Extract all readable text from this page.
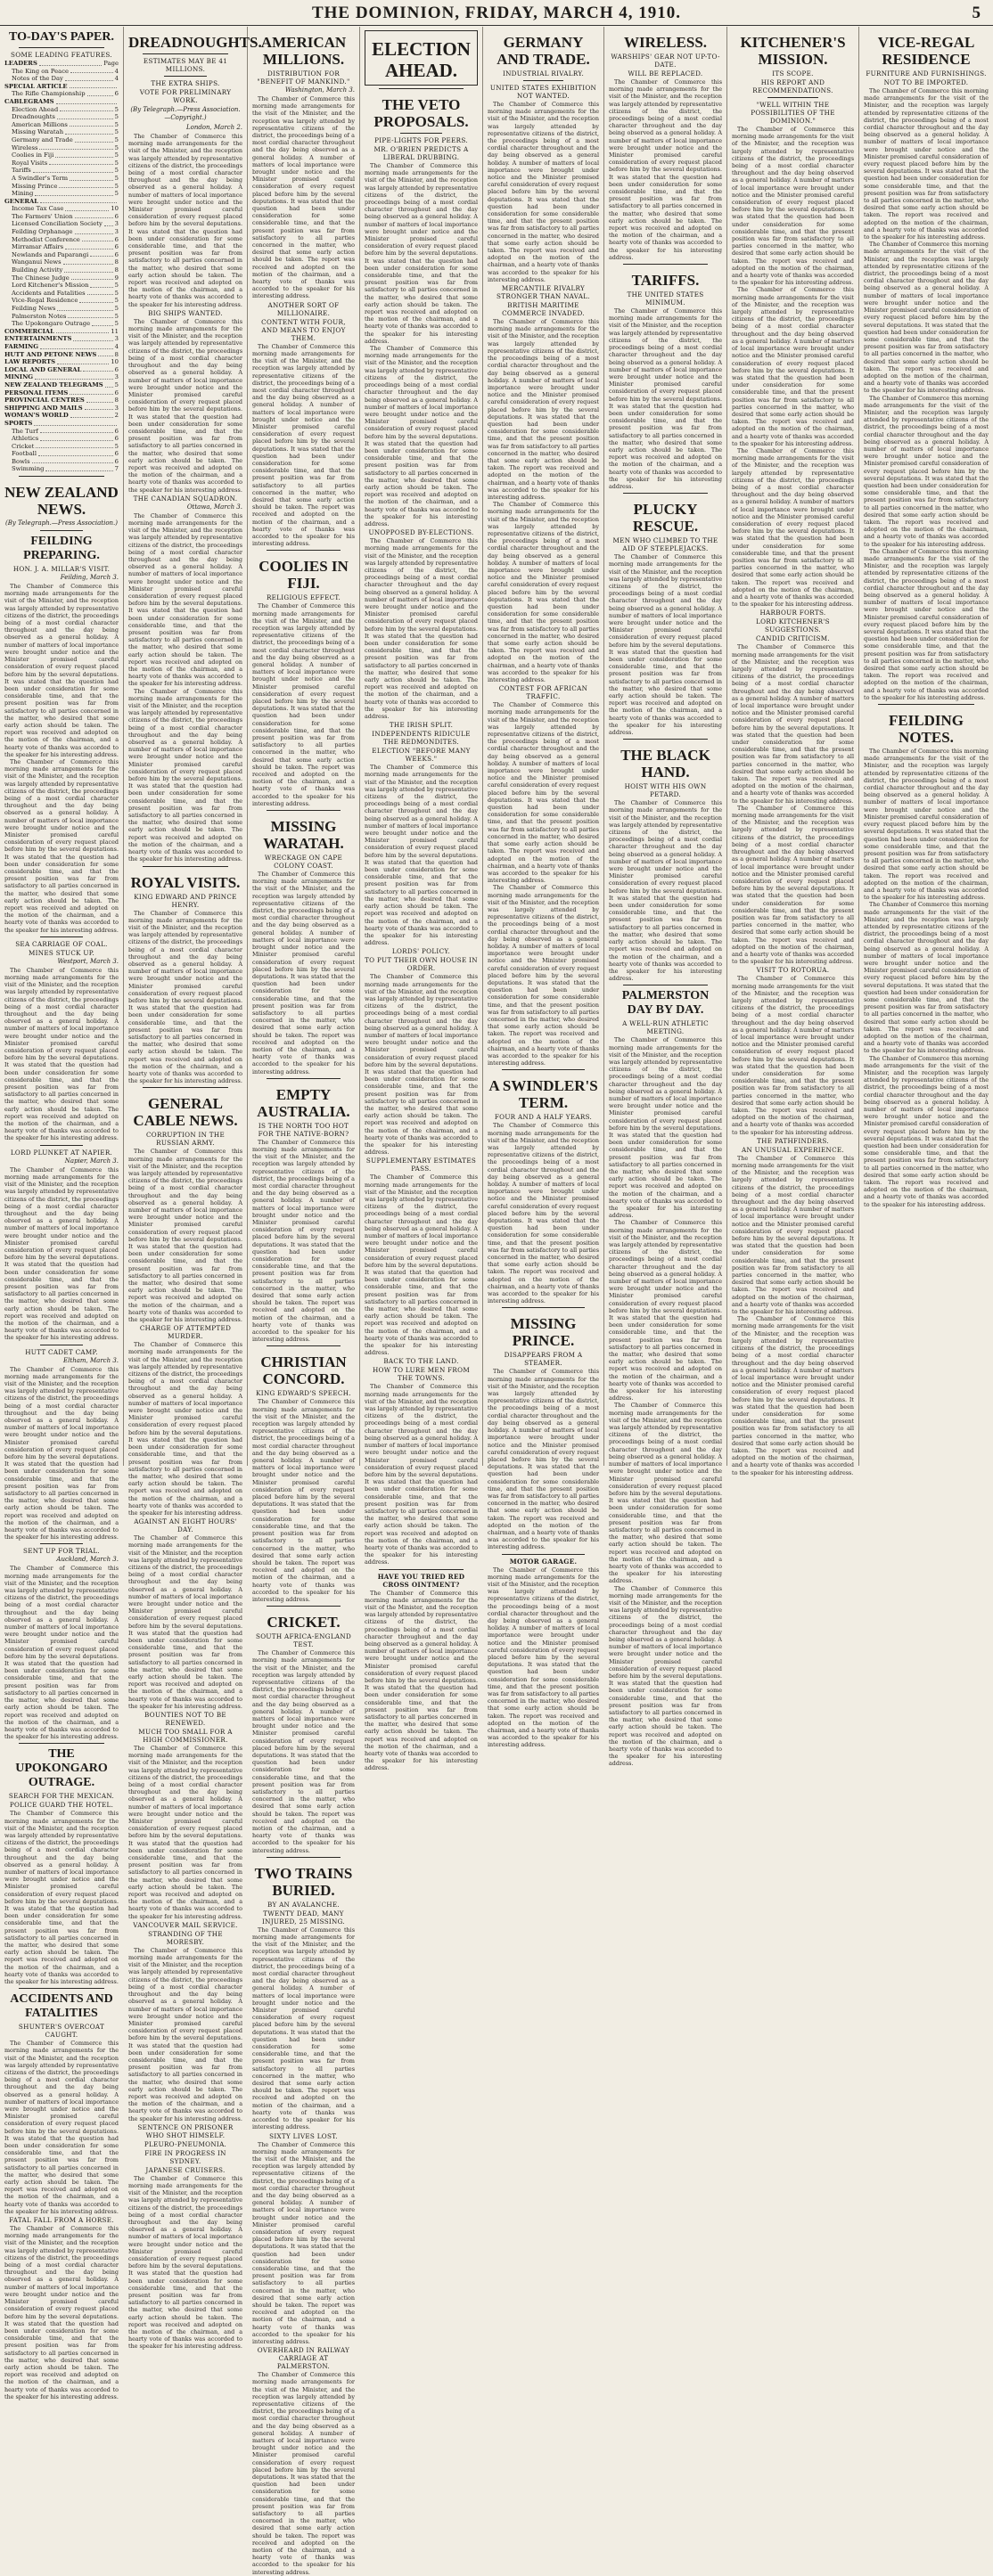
THE DOMINION, FRIDAY, MARCH 4, 1910.	5
TO-DAY'S PAPER.
SOME LEADING FEATURES.
LEADERS	Page
The King on Peace	4
Notes of the Day	4
SPECIAL ARTICLE
The Rifle Championship	6
CABLEGRAMS
Election Ahead	5
Dreadnoughts	5
American Millions	5
Missing Waratah	5
Germany and Trade	5
Wireless	5
Coolies in Fiji	5
Royal Visits	5
Tariffs	5
A Swindler's Term	5
Missing Prince	5
Mining	5
GENERAL
Income Tax Case	10
The Farmers' Union	6
Licensed Conciliation Society 3
Feilding Orphanage	3
Methodist Conference	6
Mirramar Affairs	6
Newlands and Paparangi	6
Wanganui News	8
Building Activity	8
The Chinese Judge	9
Lord Kitchener's Mission	5
Accidents and Fatalities	5
Vice-Regal Residence	5
Feilding News	5
Palmerston Notes	5
The Upokongaro Outrage	5
COMMERCIAL	11
ENTERTAINMENTS	3
FARMING	4
HUTT AND PETONE NEWS	8
LAW REPORTS	10
LOCAL AND GENERAL	6
MINING	3
NEW ZEALAND TELEGRAMS 5
PERSONAL ITEMS	6
PROVINCIAL CENTRES	8
SHIPPING AND MAILS	3
WOMAN'S WORLD	2
SPORTS
The Turf	6
Athletics	6
Cricket	5
Football	6
Bowls	6
Swimming	7
NEW ZEALAND NEWS.
(By Telegraph.—Press Association.)
FEILDING PREPARING.
HON. J. A. MILLAR'S VISIT.
Feilding, March 3.

The Chamber of Commerce this morning made arrangements for the visit of the Minister, and the reception was largely attended by representative citizens of the district, the proceedings being of a most cordial character throughout and the day being observed as a general holiday. A number of matters of local importance were brought under notice and the Minister promised careful consideration of every request placed before him by the several deputations. It was stated that the question had been under consideration for some considerable time, and that the present position was far from satisfactory to all parties concerned in the matter, who desired that some early action should be taken. The report was received and adopted on the motion of the chairman, and a hearty vote of thanks was accorded to the speaker for his interesting address.

The Chamber of Commerce this morning made arrangements for the visit of the Minister, and the reception was largely attended by representative citizens of the district, the proceedings being of a most cordial character throughout and the day being observed as a general holiday. A number of matters of local importance were brought under notice and the Minister promised careful consideration of every request placed before him by the several deputations. It was stated that the question had been under consideration for some considerable time, and that the present position was far from satisfactory to all parties concerned in the matter, who desired that some early action should be taken. The report was received and adopted on the motion of the chairman, and a hearty vote of thanks was accorded to the speaker for his interesting address.

SEA CARRIAGE OF COAL.
MINES STUCK UP.
Westport, March 3.

The Chamber of Commerce this morning made arrangements for the visit of the Minister, and the reception was largely attended by representative citizens of the district, the proceedings being of a most cordial character throughout and the day being observed as a general holiday. A number of matters of local importance were brought under notice and the Minister promised careful consideration of every request placed before him by the several deputations. It was stated that the question had been under consideration for some considerable time, and that the present position was far from satisfactory to all parties concerned in the matter, who desired that some early action should be taken. The report was received and adopted on the motion of the chairman, and a hearty vote of thanks was accorded to the speaker for his interesting address.

LORD PLUNKET AT NAPIER.
Napier, March 3.

The Chamber of Commerce this morning made arrangements for the visit of the Minister, and the reception was largely attended by representative citizens of the district, the proceedings being of a most cordial character throughout and the day being observed as a general holiday. A number of matters of local importance were brought under notice and the Minister promised careful consideration of every request placed before him by the several deputations. It was stated that the question had been under consideration for some considerable time, and that the present position was far from satisfactory to all parties concerned in the matter, who desired that some early action should be taken. The report was received and adopted on the motion of the chairman, and a hearty vote of thanks was accorded to the speaker for his interesting address.

HUTT CADET CAMP.
Eltham, March 3.

The Chamber of Commerce this morning made arrangements for the visit of the Minister, and the reception was largely attended by representative citizens of the district, the proceedings being of a most cordial character throughout and the day being observed as a general holiday. A number of matters of local importance were brought under notice and the Minister promised careful consideration of every request placed before him by the several deputations. It was stated that the question had been under consideration for some considerable time, and that the present position was far from satisfactory to all parties concerned in the matter, who desired that some early action should be taken. The report was received and adopted on the motion of the chairman, and a hearty vote of thanks was accorded to the speaker for his interesting address.

SENT UP FOR TRIAL.
Auckland, March 3.

The Chamber of Commerce this morning made arrangements for the visit of the Minister, and the reception was largely attended by representative citizens of the district, the proceedings being of a most cordial character throughout and the day being observed as a general holiday. A number of matters of local importance were brought under notice and the Minister promised careful consideration of every request placed before him by the several deputations. It was stated that the question had been under consideration for some considerable time, and that the present position was far from satisfactory to all parties concerned in the matter, who desired that some early action should be taken. The report was received and adopted on the motion of the chairman, and a hearty vote of thanks was accorded to the speaker for his interesting address.

THE UPOKONGARO OUTRAGE.
SEARCH FOR THE MEXICAN.
POLICE GUARD THE HOTEL.

The Chamber of Commerce this morning made arrangements for the visit of the Minister, and the reception was largely attended by representative citizens of the district, the proceedings being of a most cordial character throughout and the day being observed as a general holiday. A number of matters of local importance were brought under notice and the Minister promised careful consideration of every request placed before him by the several deputations. It was stated that the question had been under consideration for some considerable time, and that the present position was far from satisfactory to all parties concerned in the matter, who desired that some early action should be taken. The report was received and adopted on the motion of the chairman, and a hearty vote of thanks was accorded to the speaker for his interesting address.

ACCIDENTS AND FATALITIES
SHUNTER'S OVERCOAT CAUGHT.

The Chamber of Commerce this morning made arrangements for the visit of the Minister, and the reception was largely attended by representative citizens of the district, the proceedings being of a most cordial character throughout and the day being observed as a general holiday. A number of matters of local importance were brought under notice and the Minister promised careful consideration of every request placed before him by the several deputations. It was stated that the question had been under consideration for some considerable time, and that the present position was far from satisfactory to all parties concerned in the matter, who desired that some early action should be taken. The report was received and adopted on the motion of the chairman, and a hearty vote of thanks was accorded to the speaker for his interesting address.

FATAL FALL FROM A HORSE.

The Chamber of Commerce this morning made arrangements for the visit of the Minister, and the reception was largely attended by representative citizens of the district, the proceedings being of a most cordial character throughout and the day being observed as a general holiday. A number of matters of local importance were brought under notice and the Minister promised careful consideration of every request placed before him by the several deputations. It was stated that the question had been under consideration for some considerable time, and that the present position was far from satisfactory to all parties concerned in the matter, who desired that some early action should be taken. The report was received and adopted on the motion of the chairman, and a hearty vote of thanks was accorded to the speaker for his interesting address.

DREADNOUGHTS.
ESTIMATES MAY BE 41 MILLIONS.
THE EXTRA SHIPS.
VOTE FOR PRELIMINARY WORK.
(By Telegraph.—Press Association.—Copyright.)
London, March 2.

The Chamber of Commerce this morning made arrangements for the visit of the Minister, and the reception was largely attended by representative citizens of the district, the proceedings being of a most cordial character throughout and the day being observed as a general holiday. A number of matters of local importance were brought under notice and the Minister promised careful consideration of every request placed before him by the several deputations. It was stated that the question had been under consideration for some considerable time, and that the present position was far from satisfactory to all parties concerned in the matter, who desired that some early action should be taken. The report was received and adopted on the motion of the chairman, and a hearty vote of thanks was accorded to the speaker for his interesting address.

BIG SHIPS WANTED.

The Chamber of Commerce this morning made arrangements for the visit of the Minister, and the reception was largely attended by representative citizens of the district, the proceedings being of a most cordial character throughout and the day being observed as a general holiday. A number of matters of local importance were brought under notice and the Minister promised careful consideration of every request placed before him by the several deputations. It was stated that the question had been under consideration for some considerable time, and that the present position was far from satisfactory to all parties concerned in the matter, who desired that some early action should be taken. The report was received and adopted on the motion of the chairman, and a hearty vote of thanks was accorded to the speaker for his interesting address.

THE CANADIAN SQUADRON.
Ottawa, March 3.

The Chamber of Commerce this morning made arrangements for the visit of the Minister, and the reception was largely attended by representative citizens of the district, the proceedings being of a most cordial character throughout and the day being observed as a general holiday. A number of matters of local importance were brought under notice and the Minister promised careful consideration of every request placed before him by the several deputations. It was stated that the question had been under consideration for some considerable time, and that the present position was far from satisfactory to all parties concerned in the matter, who desired that some early action should be taken. The report was received and adopted on the motion of the chairman, and a hearty vote of thanks was accorded to the speaker for his interesting address.

The Chamber of Commerce this morning made arrangements for the visit of the Minister, and the reception was largely attended by representative citizens of the district, the proceedings being of a most cordial character throughout and the day being observed as a general holiday. A number of matters of local importance were brought under notice and the Minister promised careful consideration of every request placed before him by the several deputations. It was stated that the question had been under consideration for some considerable time, and that the present position was far from satisfactory to all parties concerned in the matter, who desired that some early action should be taken. The report was received and adopted on the motion of the chairman, and a hearty vote of thanks was accorded to the speaker for his interesting address.

ROYAL VISITS.
KING EDWARD AND PRINCE HENRY.

The Chamber of Commerce this morning made arrangements for the visit of the Minister, and the reception was largely attended by representative citizens of the district, the proceedings being of a most cordial character throughout and the day being observed as a general holiday. A number of matters of local importance were brought under notice and the Minister promised careful consideration of every request placed before him by the several deputations. It was stated that the question had been under consideration for some considerable time, and that the present position was far from satisfactory to all parties concerned in the matter, who desired that some early action should be taken. The report was received and adopted on the motion of the chairman, and a hearty vote of thanks was accorded to the speaker for his interesting address.

GENERAL CABLE NEWS.
CORRUPTION IN THE RUSSIAN ARMY.

The Chamber of Commerce this morning made arrangements for the visit of the Minister, and the reception was largely attended by representative citizens of the district, the proceedings being of a most cordial character throughout and the day being observed as a general holiday. A number of matters of local importance were brought under notice and the Minister promised careful consideration of every request placed before him by the several deputations. It was stated that the question had been under consideration for some considerable time, and that the present position was far from satisfactory to all parties concerned in the matter, who desired that some early action should be taken. The report was received and adopted on the motion of the chairman, and a hearty vote of thanks was accorded to the speaker for his interesting address.

CHARGE OF ATTEMPTED MURDER.

The Chamber of Commerce this morning made arrangements for the visit of the Minister, and the reception was largely attended by representative citizens of the district, the proceedings being of a most cordial character throughout and the day being observed as a general holiday. A number of matters of local importance were brought under notice and the Minister promised careful consideration of every request placed before him by the several deputations. It was stated that the question had been under consideration for some considerable time, and that the present position was far from satisfactory to all parties concerned in the matter, who desired that some early action should be taken. The report was received and adopted on the motion of the chairman, and a hearty vote of thanks was accorded to the speaker for his interesting address.

AGAINST AN EIGHT HOURS' DAY.

The Chamber of Commerce this morning made arrangements for the visit of the Minister, and the reception was largely attended by representative citizens of the district, the proceedings being of a most cordial character throughout and the day being observed as a general holiday. A number of matters of local importance were brought under notice and the Minister promised careful consideration of every request placed before him by the several deputations. It was stated that the question had been under consideration for some considerable time, and that the present position was far from satisfactory to all parties concerned in the matter, who desired that some early action should be taken. The report was received and adopted on the motion of the chairman, and a hearty vote of thanks was accorded to the speaker for his interesting address.

BOUNTIES NOT TO BE RENEWED.
MUCH TOO SMALL FOR A HIGH COMMISSIONER.

The Chamber of Commerce this morning made arrangements for the visit of the Minister, and the reception was largely attended by representative citizens of the district, the proceedings being of a most cordial character throughout and the day being observed as a general holiday. A number of matters of local importance were brought under notice and the Minister promised careful consideration of every request placed before him by the several deputations. It was stated that the question had been under consideration for some considerable time, and that the present position was far from satisfactory to all parties concerned in the matter, who desired that some early action should be taken. The report was received and adopted on the motion of the chairman, and a hearty vote of thanks was accorded to the speaker for his interesting address.

VANCOUVER MAIL SERVICE.
STRANDING OF THE MORESBY.

The Chamber of Commerce this morning made arrangements for the visit of the Minister, and the reception was largely attended by representative citizens of the district, the proceedings being of a most cordial character throughout and the day being observed as a general holiday. A number of matters of local importance were brought under notice and the Minister promised careful consideration of every request placed before him by the several deputations. It was stated that the question had been under consideration for some considerable time, and that the present position was far from satisfactory to all parties concerned in the matter, who desired that some early action should be taken. The report was received and adopted on the motion of the chairman, and a hearty vote of thanks was accorded to the speaker for his interesting address.

SENTENCE ON PRISONER WHO SHOT HIMSELF.
PLEURO-PNEUMONIA.
FIRE IN PROGRESS IN SYDNEY.
JAPANESE CRUISERS.

The Chamber of Commerce this morning made arrangements for the visit of the Minister, and the reception was largely attended by representative citizens of the district, the proceedings being of a most cordial character throughout and the day being observed as a general holiday. A number of matters of local importance were brought under notice and the Minister promised careful consideration of every request placed before him by the several deputations. It was stated that the question had been under consideration for some considerable time, and that the present position was far from satisfactory to all parties concerned in the matter, who desired that some early action should be taken. The report was received and adopted on the motion of the chairman, and a hearty vote of thanks was accorded to the speaker for his interesting address.

AMERICAN MILLIONS.
DISTRIBUTION FOR "BENEFIT OF MANKIND."
Washington, March 3.

The Chamber of Commerce this morning made arrangements for the visit of the Minister, and the reception was largely attended by representative citizens of the district, the proceedings being of a most cordial character throughout and the day being observed as a general holiday. A number of matters of local importance were brought under notice and the Minister promised careful consideration of every request placed before him by the several deputations. It was stated that the question had been under consideration for some considerable time, and that the present position was far from satisfactory to all parties concerned in the matter, who desired that some early action should be taken. The report was received and adopted on the motion of the chairman, and a hearty vote of thanks was accorded to the speaker for his interesting address.

ANOTHER SORT OF MILLIONAIRE.
CONTENT WITH FOUR, AND MEANS TO ENJOY THEM.

The Chamber of Commerce this morning made arrangements for the visit of the Minister, and the reception was largely attended by representative citizens of the district, the proceedings being of a most cordial character throughout and the day being observed as a general holiday. A number of matters of local importance were brought under notice and the Minister promised careful consideration of every request placed before him by the several deputations. It was stated that the question had been under consideration for some considerable time, and that the present position was far from satisfactory to all parties concerned in the matter, who desired that some early action should be taken. The report was received and adopted on the motion of the chairman, and a hearty vote of thanks was accorded to the speaker for his interesting address.

COOLIES IN FIJI.
RELIGIOUS EFFECT.

The Chamber of Commerce this morning made arrangements for the visit of the Minister, and the reception was largely attended by representative citizens of the district, the proceedings being of a most cordial character throughout and the day being observed as a general holiday. A number of matters of local importance were brought under notice and the Minister promised careful consideration of every request placed before him by the several deputations. It was stated that the question had been under consideration for some considerable time, and that the present position was far from satisfactory to all parties concerned in the matter, who desired that some early action should be taken. The report was received and adopted on the motion of the chairman, and a hearty vote of thanks was accorded to the speaker for his interesting address.

MISSING WARATAH.
WRECKAGE ON CAPE COLONY COAST.

The Chamber of Commerce this morning made arrangements for the visit of the Minister, and the reception was largely attended by representative citizens of the district, the proceedings being of a most cordial character throughout and the day being observed as a general holiday. A number of matters of local importance were brought under notice and the Minister promised careful consideration of every request placed before him by the several deputations. It was stated that the question had been under consideration for some considerable time, and that the present position was far from satisfactory to all parties concerned in the matter, who desired that some early action should be taken. The report was received and adopted on the motion of the chairman, and a hearty vote of thanks was accorded to the speaker for his interesting address.

EMPTY AUSTRALIA.
IS THE NORTH TOO HOT FOR THE NATIVE-BORN?

The Chamber of Commerce this morning made arrangements for the visit of the Minister, and the reception was largely attended by representative citizens of the district, the proceedings being of a most cordial character throughout and the day being observed as a general holiday. A number of matters of local importance were brought under notice and the Minister promised careful consideration of every request placed before him by the several deputations. It was stated that the question had been under consideration for some considerable time, and that the present position was far from satisfactory to all parties concerned in the matter, who desired that some early action should be taken. The report was received and adopted on the motion of the chairman, and a hearty vote of thanks was accorded to the speaker for his interesting address.

CHRISTIAN CONCORD.
KING EDWARD'S SPEECH.

The Chamber of Commerce this morning made arrangements for the visit of the Minister, and the reception was largely attended by representative citizens of the district, the proceedings being of a most cordial character throughout and the day being observed as a general holiday. A number of matters of local importance were brought under notice and the Minister promised careful consideration of every request placed before him by the several deputations. It was stated that the question had been under consideration for some considerable time, and that the present position was far from satisfactory to all parties concerned in the matter, who desired that some early action should be taken. The report was received and adopted on the motion of the chairman, and a hearty vote of thanks was accorded to the speaker for his interesting address.

CRICKET.
SOUTH AFRICA-ENGLAND TEST.

The Chamber of Commerce this morning made arrangements for the visit of the Minister, and the reception was largely attended by representative citizens of the district, the proceedings being of a most cordial character throughout and the day being observed as a general holiday. A number of matters of local importance were brought under notice and the Minister promised careful consideration of every request placed before him by the several deputations. It was stated that the question had been under consideration for some considerable time, and that the present position was far from satisfactory to all parties concerned in the matter, who desired that some early action should be taken. The report was received and adopted on the motion of the chairman, and a hearty vote of thanks was accorded to the speaker for his interesting address.

TWO TRAINS BURIED.
BY AN AVALANCHE.
TWENTY DEAD, MANY INJURED, 25 MISSING.

The Chamber of Commerce this morning made arrangements for the visit of the Minister, and the reception was largely attended by representative citizens of the district, the proceedings being of a most cordial character throughout and the day being observed as a general holiday. A number of matters of local importance were brought under notice and the Minister promised careful consideration of every request placed before him by the several deputations. It was stated that the question had been under consideration for some considerable time, and that the present position was far from satisfactory to all parties concerned in the matter, who desired that some early action should be taken. The report was received and adopted on the motion of the chairman, and a hearty vote of thanks was accorded to the speaker for his interesting address.

SIXTY LIVES LOST.

The Chamber of Commerce this morning made arrangements for the visit of the Minister, and the reception was largely attended by representative citizens of the district, the proceedings being of a most cordial character throughout and the day being observed as a general holiday. A number of matters of local importance were brought under notice and the Minister promised careful consideration of every request placed before him by the several deputations. It was stated that the question had been under consideration for some considerable time, and that the present position was far from satisfactory to all parties concerned in the matter, who desired that some early action should be taken. The report was received and adopted on the motion of the chairman, and a hearty vote of thanks was accorded to the speaker for his interesting address.

OVERHEARD IN RAILWAY CARRIAGE AT PALMERSTON.

The Chamber of Commerce this morning made arrangements for the visit of the Minister, and the reception was largely attended by representative citizens of the district, the proceedings being of a most cordial character throughout and the day being observed as a general holiday. A number of matters of local importance were brought under notice and the Minister promised careful consideration of every request placed before him by the several deputations. It was stated that the question had been under consideration for some considerable time, and that the present position was far from satisfactory to all parties concerned in the matter, who desired that some early action should be taken. The report was received and adopted on the motion of the chairman, and a hearty vote of thanks was accorded to the speaker for his interesting address.

ELECTION AHEAD.
THE VETO PROPOSALS.
PIPE-LIGHTS FOR PEERS.
MR. O'BRIEN PREDICTS A LIBERAL DRUBBING.

The Chamber of Commerce this morning made arrangements for the visit of the Minister, and the reception was largely attended by representative citizens of the district, the proceedings being of a most cordial character throughout and the day being observed as a general holiday. A number of matters of local importance were brought under notice and the Minister promised careful consideration of every request placed before him by the several deputations. It was stated that the question had been under consideration for some considerable time, and that the present position was far from satisfactory to all parties concerned in the matter, who desired that some early action should be taken. The report was received and adopted on the motion of the chairman, and a hearty vote of thanks was accorded to the speaker for his interesting address.

The Chamber of Commerce this morning made arrangements for the visit of the Minister, and the reception was largely attended by representative citizens of the district, the proceedings being of a most cordial character throughout and the day being observed as a general holiday. A number of matters of local importance were brought under notice and the Minister promised careful consideration of every request placed before him by the several deputations. It was stated that the question had been under consideration for some considerable time, and that the present position was far from satisfactory to all parties concerned in the matter, who desired that some early action should be taken. The report was received and adopted on the motion of the chairman, and a hearty vote of thanks was accorded to the speaker for his interesting address.

UNOPPOSED BY-ELECTIONS.

The Chamber of Commerce this morning made arrangements for the visit of the Minister, and the reception was largely attended by representative citizens of the district, the proceedings being of a most cordial character throughout and the day being observed as a general holiday. A number of matters of local importance were brought under notice and the Minister promised careful consideration of every request placed before him by the several deputations. It was stated that the question had been under consideration for some considerable time, and that the present position was far from satisfactory to all parties concerned in the matter, who desired that some early action should be taken. The report was received and adopted on the motion of the chairman, and a hearty vote of thanks was accorded to the speaker for his interesting address.

THE IRISH SPLIT.
INDEPENDENTS RIDICULE THE REDMONDITES.
ELECTION "BEFORE MANY WEEKS."

The Chamber of Commerce this morning made arrangements for the visit of the Minister, and the reception was largely attended by representative citizens of the district, the proceedings being of a most cordial character throughout and the day being observed as a general holiday. A number of matters of local importance were brought under notice and the Minister promised careful consideration of every request placed before him by the several deputations. It was stated that the question had been under consideration for some considerable time, and that the present position was far from satisfactory to all parties concerned in the matter, who desired that some early action should be taken. The report was received and adopted on the motion of the chairman, and a hearty vote of thanks was accorded to the speaker for his interesting address.

LORDS' POLICY.
TO PUT THEIR OWN HOUSE IN ORDER.

The Chamber of Commerce this morning made arrangements for the visit of the Minister, and the reception was largely attended by representative citizens of the district, the proceedings being of a most cordial character throughout and the day being observed as a general holiday. A number of matters of local importance were brought under notice and the Minister promised careful consideration of every request placed before him by the several deputations. It was stated that the question had been under consideration for some considerable time, and that the present position was far from satisfactory to all parties concerned in the matter, who desired that some early action should be taken. The report was received and adopted on the motion of the chairman, and a hearty vote of thanks was accorded to the speaker for his interesting address.

SUPPLEMENTARY ESTIMATES PASS.

The Chamber of Commerce this morning made arrangements for the visit of the Minister, and the reception was largely attended by representative citizens of the district, the proceedings being of a most cordial character throughout and the day being observed as a general holiday. A number of matters of local importance were brought under notice and the Minister promised careful consideration of every request placed before him by the several deputations. It was stated that the question had been under consideration for some considerable time, and that the present position was far from satisfactory to all parties concerned in the matter, who desired that some early action should be taken. The report was received and adopted on the motion of the chairman, and a hearty vote of thanks was accorded to the speaker for his interesting address.

BACK TO THE LAND.
HOW TO LURE MEN FROM THE TOWNS.

The Chamber of Commerce this morning made arrangements for the visit of the Minister, and the reception was largely attended by representative citizens of the district, the proceedings being of a most cordial character throughout and the day being observed as a general holiday. A number of matters of local importance were brought under notice and the Minister promised careful consideration of every request placed before him by the several deputations. It was stated that the question had been under consideration for some considerable time, and that the present position was far from satisfactory to all parties concerned in the matter, who desired that some early action should be taken. The report was received and adopted on the motion of the chairman, and a hearty vote of thanks was accorded to the speaker for his interesting address.

HAVE YOU TRIED RED CROSS OINTMENT?

The Chamber of Commerce this morning made arrangements for the visit of the Minister, and the reception was largely attended by representative citizens of the district, the proceedings being of a most cordial character throughout and the day being observed as a general holiday. A number of matters of local importance were brought under notice and the Minister promised careful consideration of every request placed before him by the several deputations. It was stated that the question had been under consideration for some considerable time, and that the present position was far from satisfactory to all parties concerned in the matter, who desired that some early action should be taken. The report was received and adopted on the motion of the chairman, and a hearty vote of thanks was accorded to the speaker for his interesting address.

GERMANY AND TRADE.
INDUSTRIAL RIVALRY.
UNITED STATES EXHIBITION NOT WANTED.

The Chamber of Commerce this morning made arrangements for the visit of the Minister, and the reception was largely attended by representative citizens of the district, the proceedings being of a most cordial character throughout and the day being observed as a general holiday. A number of matters of local importance were brought under notice and the Minister promised careful consideration of every request placed before him by the several deputations. It was stated that the question had been under consideration for some considerable time, and that the present position was far from satisfactory to all parties concerned in the matter, who desired that some early action should be taken. The report was received and adopted on the motion of the chairman, and a hearty vote of thanks was accorded to the speaker for his interesting address.

MERCANTILE RIVALRY STRONGER THAN NAVAL.
BRITISH MARITIME COMMERCE INVADED.

The Chamber of Commerce this morning made arrangements for the visit of the Minister, and the reception was largely attended by representative citizens of the district, the proceedings being of a most cordial character throughout and the day being observed as a general holiday. A number of matters of local importance were brought under notice and the Minister promised careful consideration of every request placed before him by the several deputations. It was stated that the question had been under consideration for some considerable time, and that the present position was far from satisfactory to all parties concerned in the matter, who desired that some early action should be taken. The report was received and adopted on the motion of the chairman, and a hearty vote of thanks was accorded to the speaker for his interesting address.

The Chamber of Commerce this morning made arrangements for the visit of the Minister, and the reception was largely attended by representative citizens of the district, the proceedings being of a most cordial character throughout and the day being observed as a general holiday. A number of matters of local importance were brought under notice and the Minister promised careful consideration of every request placed before him by the several deputations. It was stated that the question had been under consideration for some considerable time, and that the present position was far from satisfactory to all parties concerned in the matter, who desired that some early action should be taken. The report was received and adopted on the motion of the chairman, and a hearty vote of thanks was accorded to the speaker for his interesting address.

CONTEST FOR AFRICAN TRAFFIC.

The Chamber of Commerce this morning made arrangements for the visit of the Minister, and the reception was largely attended by representative citizens of the district, the proceedings being of a most cordial character throughout and the day being observed as a general holiday. A number of matters of local importance were brought under notice and the Minister promised careful consideration of every request placed before him by the several deputations. It was stated that the question had been under consideration for some considerable time, and that the present position was far from satisfactory to all parties concerned in the matter, who desired that some early action should be taken. The report was received and adopted on the motion of the chairman, and a hearty vote of thanks was accorded to the speaker for his interesting address.

The Chamber of Commerce this morning made arrangements for the visit of the Minister, and the reception was largely attended by representative citizens of the district, the proceedings being of a most cordial character throughout and the day being observed as a general holiday. A number of matters of local importance were brought under notice and the Minister promised careful consideration of every request placed before him by the several deputations. It was stated that the question had been under consideration for some considerable time, and that the present position was far from satisfactory to all parties concerned in the matter, who desired that some early action should be taken. The report was received and adopted on the motion of the chairman, and a hearty vote of thanks was accorded to the speaker for his interesting address.

A SWINDLER'S TERM.
FOUR AND A HALF YEARS.

The Chamber of Commerce this morning made arrangements for the visit of the Minister, and the reception was largely attended by representative citizens of the district, the proceedings being of a most cordial character throughout and the day being observed as a general holiday. A number of matters of local importance were brought under notice and the Minister promised careful consideration of every request placed before him by the several deputations. It was stated that the question had been under consideration for some considerable time, and that the present position was far from satisfactory to all parties concerned in the matter, who desired that some early action should be taken. The report was received and adopted on the motion of the chairman, and a hearty vote of thanks was accorded to the speaker for his interesting address.

MISSING PRINCE.
DISAPPEARS FROM A STEAMER.

The Chamber of Commerce this morning made arrangements for the visit of the Minister, and the reception was largely attended by representative citizens of the district, the proceedings being of a most cordial character throughout and the day being observed as a general holiday. A number of matters of local importance were brought under notice and the Minister promised careful consideration of every request placed before him by the several deputations. It was stated that the question had been under consideration for some considerable time, and that the present position was far from satisfactory to all parties concerned in the matter, who desired that some early action should be taken. The report was received and adopted on the motion of the chairman, and a hearty vote of thanks was accorded to the speaker for his interesting address.

MOTOR GARAGE.

The Chamber of Commerce this morning made arrangements for the visit of the Minister, and the reception was largely attended by representative citizens of the district, the proceedings being of a most cordial character throughout and the day being observed as a general holiday. A number of matters of local importance were brought under notice and the Minister promised careful consideration of every request placed before him by the several deputations. It was stated that the question had been under consideration for some considerable time, and that the present position was far from satisfactory to all parties concerned in the matter, who desired that some early action should be taken. The report was received and adopted on the motion of the chairman, and a hearty vote of thanks was accorded to the speaker for his interesting address.

WIRELESS.
WARSHIPS' GEAR NOT UP-TO-DATE.
WILL BE REPLACED.

The Chamber of Commerce this morning made arrangements for the visit of the Minister, and the reception was largely attended by representative citizens of the district, the proceedings being of a most cordial character throughout and the day being observed as a general holiday. A number of matters of local importance were brought under notice and the Minister promised careful consideration of every request placed before him by the several deputations. It was stated that the question had been under consideration for some considerable time, and that the present position was far from satisfactory to all parties concerned in the matter, who desired that some early action should be taken. The report was received and adopted on the motion of the chairman, and a hearty vote of thanks was accorded to the speaker for his interesting address.

TARIFFS.
THE UNITED STATES MINIMUM.

The Chamber of Commerce this morning made arrangements for the visit of the Minister, and the reception was largely attended by representative citizens of the district, the proceedings being of a most cordial character throughout and the day being observed as a general holiday. A number of matters of local importance were brought under notice and the Minister promised careful consideration of every request placed before him by the several deputations. It was stated that the question had been under consideration for some considerable time, and that the present position was far from satisfactory to all parties concerned in the matter, who desired that some early action should be taken. The report was received and adopted on the motion of the chairman, and a hearty vote of thanks was accorded to the speaker for his interesting address.

PLUCKY RESCUE.
MEN WHO CLIMBED TO THE AID OF STEEPLEJACKS.

The Chamber of Commerce this morning made arrangements for the visit of the Minister, and the reception was largely attended by representative citizens of the district, the proceedings being of a most cordial character throughout and the day being observed as a general holiday. A number of matters of local importance were brought under notice and the Minister promised careful consideration of every request placed before him by the several deputations. It was stated that the question had been under consideration for some considerable time, and that the present position was far from satisfactory to all parties concerned in the matter, who desired that some early action should be taken. The report was received and adopted on the motion of the chairman, and a hearty vote of thanks was accorded to the speaker for his interesting address.

THE BLACK HAND.
HOIST WITH HIS OWN PETARD.

The Chamber of Commerce this morning made arrangements for the visit of the Minister, and the reception was largely attended by representative citizens of the district, the proceedings being of a most cordial character throughout and the day being observed as a general holiday. A number of matters of local importance were brought under notice and the Minister promised careful consideration of every request placed before him by the several deputations. It was stated that the question had been under consideration for some considerable time, and that the present position was far from satisfactory to all parties concerned in the matter, who desired that some early action should be taken. The report was received and adopted on the motion of the chairman, and a hearty vote of thanks was accorded to the speaker for his interesting address.

PALMERSTON DAY BY DAY.
A WELL-RUN ATHLETIC MEETING.

The Chamber of Commerce this morning made arrangements for the visit of the Minister, and the reception was largely attended by representative citizens of the district, the proceedings being of a most cordial character throughout and the day being observed as a general holiday. A number of matters of local importance were brought under notice and the Minister promised careful consideration of every request placed before him by the several deputations. It was stated that the question had been under consideration for some considerable time, and that the present position was far from satisfactory to all parties concerned in the matter, who desired that some early action should be taken. The report was received and adopted on the motion of the chairman, and a hearty vote of thanks was accorded to the speaker for his interesting address.

The Chamber of Commerce this morning made arrangements for the visit of the Minister, and the reception was largely attended by representative citizens of the district, the proceedings being of a most cordial character throughout and the day being observed as a general holiday. A number of matters of local importance were brought under notice and the Minister promised careful consideration of every request placed before him by the several deputations. It was stated that the question had been under consideration for some considerable time, and that the present position was far from satisfactory to all parties concerned in the matter, who desired that some early action should be taken. The report was received and adopted on the motion of the chairman, and a hearty vote of thanks was accorded to the speaker for his interesting address.

The Chamber of Commerce this morning made arrangements for the visit of the Minister, and the reception was largely attended by representative citizens of the district, the proceedings being of a most cordial character throughout and the day being observed as a general holiday. A number of matters of local importance were brought under notice and the Minister promised careful consideration of every request placed before him by the several deputations. It was stated that the question had been under consideration for some considerable time, and that the present position was far from satisfactory to all parties concerned in the matter, who desired that some early action should be taken. The report was received and adopted on the motion of the chairman, and a hearty vote of thanks was accorded to the speaker for his interesting address.

The Chamber of Commerce this morning made arrangements for the visit of the Minister, and the reception was largely attended by representative citizens of the district, the proceedings being of a most cordial character throughout and the day being observed as a general holiday. A number of matters of local importance were brought under notice and the Minister promised careful consideration of every request placed before him by the several deputations. It was stated that the question had been under consideration for some considerable time, and that the present position was far from satisfactory to all parties concerned in the matter, who desired that some early action should be taken. The report was received and adopted on the motion of the chairman, and a hearty vote of thanks was accorded to the speaker for his interesting address.

KITCHENER'S MISSION.
ITS SCOPE.
HIS REPORT AND RECOMMENDATIONS.
"WELL WITHIN THE POSSIBILITIES OF THE DOMINION."

The Chamber of Commerce this morning made arrangements for the visit of the Minister, and the reception was largely attended by representative citizens of the district, the proceedings being of a most cordial character throughout and the day being observed as a general holiday. A number of matters of local importance were brought under notice and the Minister promised careful consideration of every request placed before him by the several deputations. It was stated that the question had been under consideration for some considerable time, and that the present position was far from satisfactory to all parties concerned in the matter, who desired that some early action should be taken. The report was received and adopted on the motion of the chairman, and a hearty vote of thanks was accorded to the speaker for his interesting address.

The Chamber of Commerce this morning made arrangements for the visit of the Minister, and the reception was largely attended by representative citizens of the district, the proceedings being of a most cordial character throughout and the day being observed as a general holiday. A number of matters of local importance were brought under notice and the Minister promised careful consideration of every request placed before him by the several deputations. It was stated that the question had been under consideration for some considerable time, and that the present position was far from satisfactory to all parties concerned in the matter, who desired that some early action should be taken. The report was received and adopted on the motion of the chairman, and a hearty vote of thanks was accorded to the speaker for his interesting address.

The Chamber of Commerce this morning made arrangements for the visit of the Minister, and the reception was largely attended by representative citizens of the district, the proceedings being of a most cordial character throughout and the day being observed as a general holiday. A number of matters of local importance were brought under notice and the Minister promised careful consideration of every request placed before him by the several deputations. It was stated that the question had been under consideration for some considerable time, and that the present position was far from satisfactory to all parties concerned in the matter, who desired that some early action should be taken. The report was received and adopted on the motion of the chairman, and a hearty vote of thanks was accorded to the speaker for his interesting address.

HARBOUR FORTS.
LORD KITCHENER'S SUGGESTIONS.
CANDID CRITICISM.

The Chamber of Commerce this morning made arrangements for the visit of the Minister, and the reception was largely attended by representative citizens of the district, the proceedings being of a most cordial character throughout and the day being observed as a general holiday. A number of matters of local importance were brought under notice and the Minister promised careful consideration of every request placed before him by the several deputations. It was stated that the question had been under consideration for some considerable time, and that the present position was far from satisfactory to all parties concerned in the matter, who desired that some early action should be taken. The report was received and adopted on the motion of the chairman, and a hearty vote of thanks was accorded to the speaker for his interesting address.

The Chamber of Commerce this morning made arrangements for the visit of the Minister, and the reception was largely attended by representative citizens of the district, the proceedings being of a most cordial character throughout and the day being observed as a general holiday. A number of matters of local importance were brought under notice and the Minister promised careful consideration of every request placed before him by the several deputations. It was stated that the question had been under consideration for some considerable time, and that the present position was far from satisfactory to all parties concerned in the matter, who desired that some early action should be taken. The report was received and adopted on the motion of the chairman, and a hearty vote of thanks was accorded to the speaker for his interesting address.

VISIT TO ROTORUA.

The Chamber of Commerce this morning made arrangements for the visit of the Minister, and the reception was largely attended by representative citizens of the district, the proceedings being of a most cordial character throughout and the day being observed as a general holiday. A number of matters of local importance were brought under notice and the Minister promised careful consideration of every request placed before him by the several deputations. It was stated that the question had been under consideration for some considerable time, and that the present position was far from satisfactory to all parties concerned in the matter, who desired that some early action should be taken. The report was received and adopted on the motion of the chairman, and a hearty vote of thanks was accorded to the speaker for his interesting address.

THE PATHFINDERS.
AN UNUSUAL EXPERIENCE.

The Chamber of Commerce this morning made arrangements for the visit of the Minister, and the reception was largely attended by representative citizens of the district, the proceedings being of a most cordial character throughout and the day being observed as a general holiday. A number of matters of local importance were brought under notice and the Minister promised careful consideration of every request placed before him by the several deputations. It was stated that the question had been under consideration for some considerable time, and that the present position was far from satisfactory to all parties concerned in the matter, who desired that some early action should be taken. The report was received and adopted on the motion of the chairman, and a hearty vote of thanks was accorded to the speaker for his interesting address.

The Chamber of Commerce this morning made arrangements for the visit of the Minister, and the reception was largely attended by representative citizens of the district, the proceedings being of a most cordial character throughout and the day being observed as a general holiday. A number of matters of local importance were brought under notice and the Minister promised careful consideration of every request placed before him by the several deputations. It was stated that the question had been under consideration for some considerable time, and that the present position was far from satisfactory to all parties concerned in the matter, who desired that some early action should be taken. The report was received and adopted on the motion of the chairman, and a hearty vote of thanks was accorded to the speaker for his interesting address.

VICE-REGAL RESIDENCE
FURNITURE AND FURNISHINGS.
NOT TO BE IMPORTED.

The Chamber of Commerce this morning made arrangements for the visit of the Minister, and the reception was largely attended by representative citizens of the district, the proceedings being of a most cordial character throughout and the day being observed as a general holiday. A number of matters of local importance were brought under notice and the Minister promised careful consideration of every request placed before him by the several deputations. It was stated that the question had been under consideration for some considerable time, and that the present position was far from satisfactory to all parties concerned in the matter, who desired that some early action should be taken. The report was received and adopted on the motion of the chairman, and a hearty vote of thanks was accorded to the speaker for his interesting address.

The Chamber of Commerce this morning made arrangements for the visit of the Minister, and the reception was largely attended by representative citizens of the district, the proceedings being of a most cordial character throughout and the day being observed as a general holiday. A number of matters of local importance were brought under notice and the Minister promised careful consideration of every request placed before him by the several deputations. It was stated that the question had been under consideration for some considerable time, and that the present position was far from satisfactory to all parties concerned in the matter, who desired that some early action should be taken. The report was received and adopted on the motion of the chairman, and a hearty vote of thanks was accorded to the speaker for his interesting address.

The Chamber of Commerce this morning made arrangements for the visit of the Minister, and the reception was largely attended by representative citizens of the district, the proceedings being of a most cordial character throughout and the day being observed as a general holiday. A number of matters of local importance were brought under notice and the Minister promised careful consideration of every request placed before him by the several deputations. It was stated that the question had been under consideration for some considerable time, and that the present position was far from satisfactory to all parties concerned in the matter, who desired that some early action should be taken. The report was received and adopted on the motion of the chairman, and a hearty vote of thanks was accorded to the speaker for his interesting address.

The Chamber of Commerce this morning made arrangements for the visit of the Minister, and the reception was largely attended by representative citizens of the district, the proceedings being of a most cordial character throughout and the day being observed as a general holiday. A number of matters of local importance were brought under notice and the Minister promised careful consideration of every request placed before him by the several deputations. It was stated that the question had been under consideration for some considerable time, and that the present position was far from satisfactory to all parties concerned in the matter, who desired that some early action should be taken. The report was received and adopted on the motion of the chairman, and a hearty vote of thanks was accorded to the speaker for his interesting address.

FEILDING NOTES.

The Chamber of Commerce this morning made arrangements for the visit of the Minister, and the reception was largely attended by representative citizens of the district, the proceedings being of a most cordial character throughout and the day being observed as a general holiday. A number of matters of local importance were brought under notice and the Minister promised careful consideration of every request placed before him by the several deputations. It was stated that the question had been under consideration for some considerable time, and that the present position was far from satisfactory to all parties concerned in the matter, who desired that some early action should be taken. The report was received and adopted on the motion of the chairman, and a hearty vote of thanks was accorded to the speaker for his interesting address.

The Chamber of Commerce this morning made arrangements for the visit of the Minister, and the reception was largely attended by representative citizens of the district, the proceedings being of a most cordial character throughout and the day being observed as a general holiday. A number of matters of local importance were brought under notice and the Minister promised careful consideration of every request placed before him by the several deputations. It was stated that the question had been under consideration for some considerable time, and that the present position was far from satisfactory to all parties concerned in the matter, who desired that some early action should be taken. The report was received and adopted on the motion of the chairman, and a hearty vote of thanks was accorded to the speaker for his interesting address.

The Chamber of Commerce this morning made arrangements for the visit of the Minister, and the reception was largely attended by representative citizens of the district, the proceedings being of a most cordial character throughout and the day being observed as a general holiday. A number of matters of local importance were brought under notice and the Minister promised careful consideration of every request placed before him by the several deputations. It was stated that the question had been under consideration for some considerable time, and that the present position was far from satisfactory to all parties concerned in the matter, who desired that some early action should be taken. The report was received and adopted on the motion of the chairman, and a hearty vote of thanks was accorded to the speaker for his interesting address.
